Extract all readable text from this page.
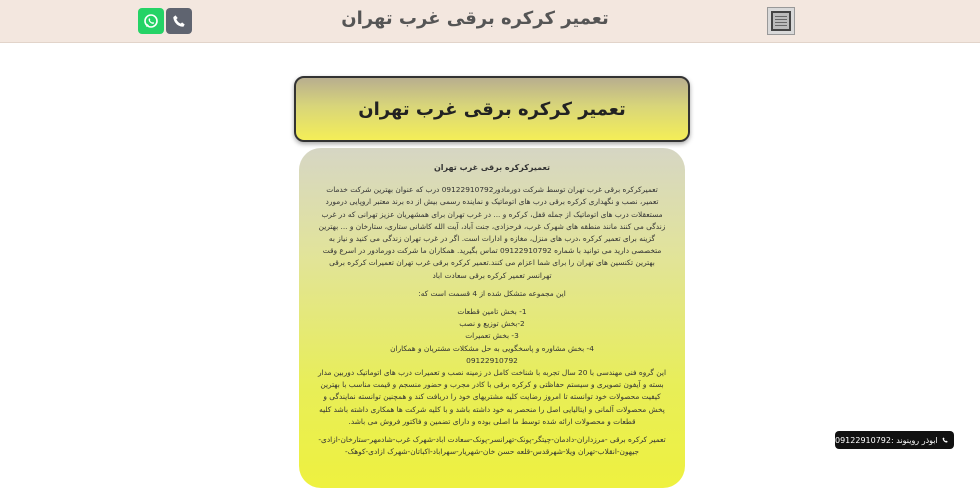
تعمیر کرکره برقی غرب تهران
تعمیر کرکره برقی غرب تهران
تعمیرکرکره برقی غرب تهران

تعمیرکرکره برقی غرب تهران توسط شرکت دورمادور09122910792 درب که عنوان بهترین شرکت خدمات تعمیر، نصب و نگهداری کرکره برقی درب های اتوماتیک و نماینده رسمی بیش از ده برند معتبر اروپایی درمورد مستعقلات درب های اتوماتیک از جمله قفل، کرکره و ... در غرب تهران برای همشهریان عزیز تهرانی که در غرب زندگی می کنند مانند منطقه های شهرک غرب، فرحزادی، جنت آباد، آیت الله کاشانی ستاری، ستارخان و ... بهترین گزینه برای تعمیر کرکره ،درب های منزل، مغازه و ادارات است. اگر در غرب تهران زندگی می کنید و نیاز به متخصصی دارید می توانید با شماره 09122910792 تماس بگیرید. همکاران ما شرکت دورمادور در اسرع وقت بهترین تکنسین های تهران را برای شما اعزام می کنند.تعمیر کرکره برقی غرب تهران تعمیرات کرکره برقی تهرانسر تعمیر کرکره برقی سعادت اباد

این مجموعه متشکل شده از 4 قسمت است که:

1- بخش تامین قطعات
2-بخش توزیع و نصب
3- بخش تعمیرات
4- بخش مشاوره و پاسخگویی به حل مشکلات مشتریان و همکاران
09122910792

این گروه فنی مهندسی با 20 سال تجربه با شناخت کامل در زمینه نصب و تعمیرات درب های اتوماتیک دوربین مدار بسته و آیفون تصویری و سیستم حفاظتی و کرکره برقی با کادر مجرب و حضور منسجم و قیمت مناسب با بهترین کیفیت محصولات خود توانسته تا امروز رضایت کلیه مشتریهای خود را دریافت کند و همچنین توانسته نمایندگی و پخش محصولات آلمانی و ایتالیایی اصل را منحصر به خود داشته باشد و با کلیه شرکت ها همکاری داشته باشد کلیه قطعات و محصولات ارائه شده توسط ما اصلی بوده و دارای تضمین و فاکتور فروش می باشد.

تعمیر کرکره برقی -مرزداران-دادمان-چیتگر-پونک-تهرانسر-پونک-سعادت اباد-شهرک غرب-شادمهر-ستارخان-ازادی-جیهون-انقلاب-تهران ویلا-شهرقدس-قلعه حسن خان-شهریار-سهراباد-اکباتان-شهرک ازادی-کوهک-

ابوذر روینوند :09122910792
